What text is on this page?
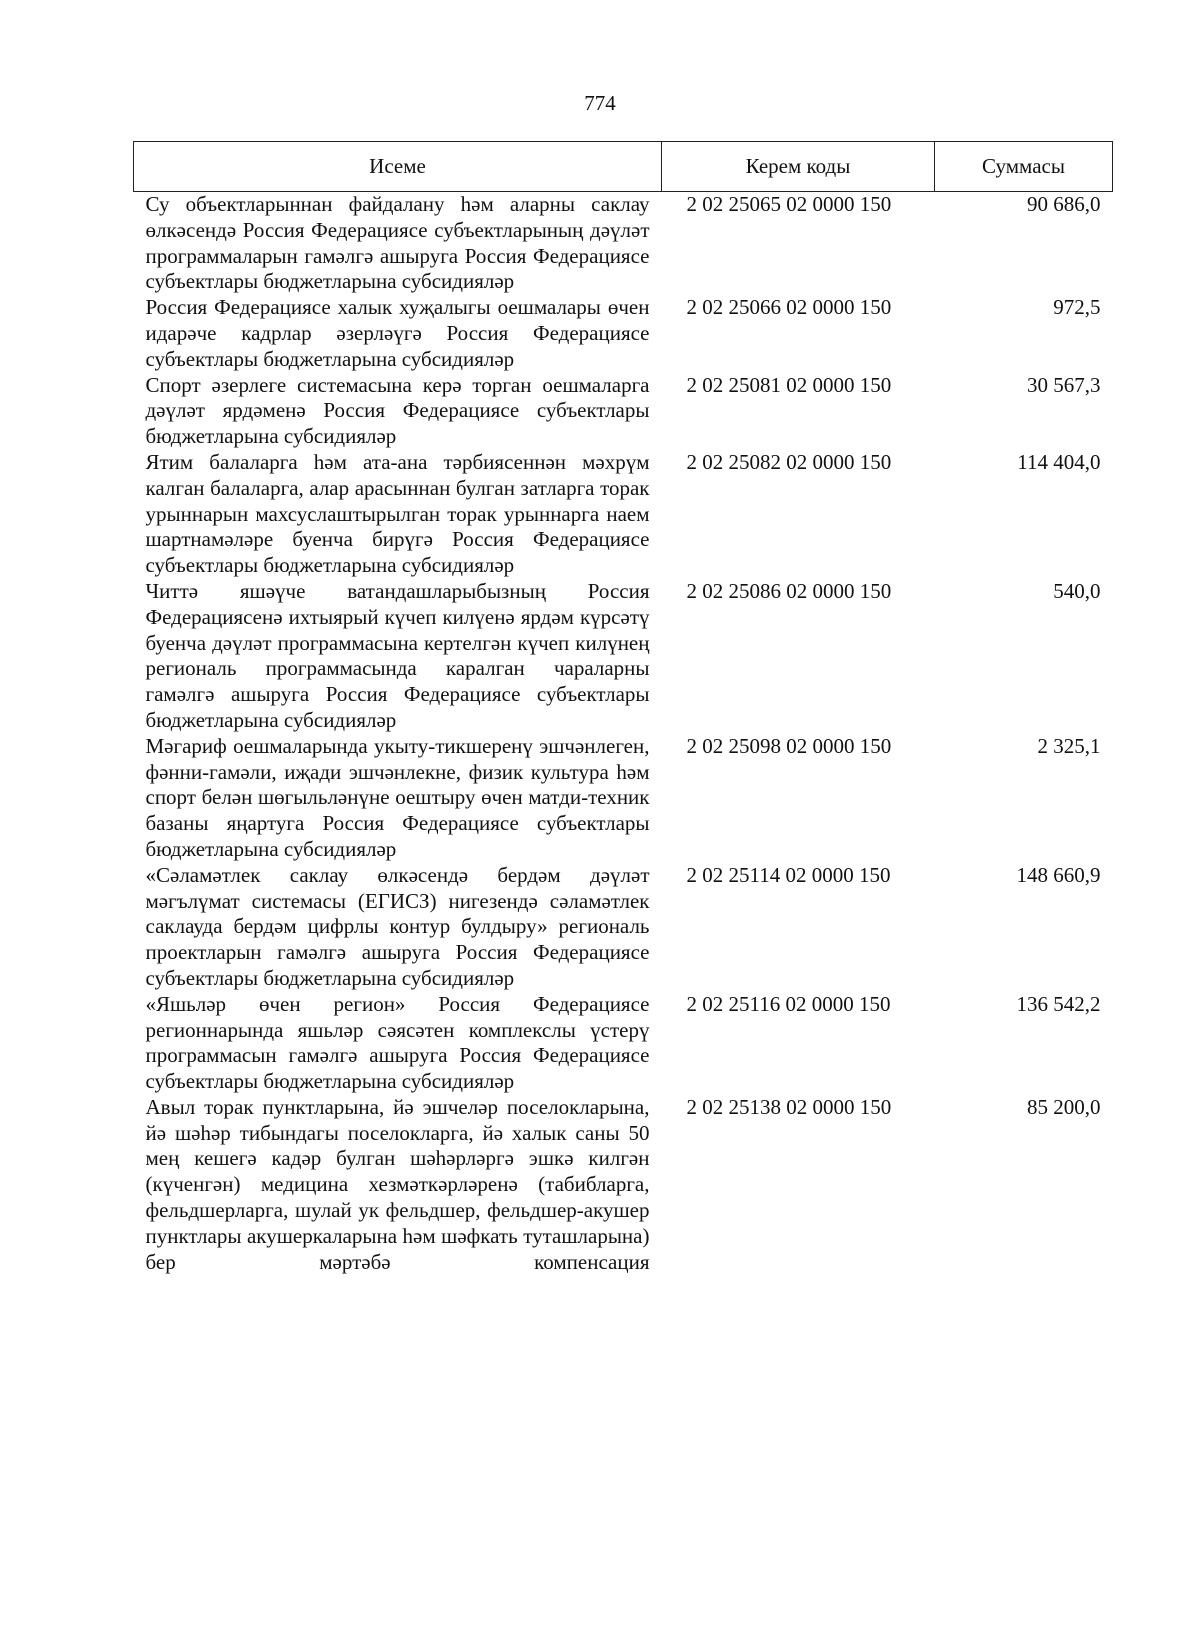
774
Исеме	Керем коды	Суммасы
Су объектларыннан файдалану һәм аларны саклау өлкәсендә Россия Федерациясе субъектларының дәүләт программаларын гамәлгә ашыруга Россия Федерациясе субъектлары бюджетларына субсидияләр	2 02 25065 02 0000 150	90 686,0
Россия Федерациясе халык хуҗалыгы оешмалары өчен идарәче кадрлар әзерләүгә Россия Федерациясе субъектлары бюджетларына субсидияләр	2 02 25066 02 0000 150	972,5
Спорт әзерлеге системасына керә торган оешмаларга дәүләт ярдәменә Россия Федерациясе субъектлары бюджетларына субсидияләр	2 02 25081 02 0000 150	30 567,3
Ятим балаларга һәм ата-ана тәрбиясеннән мәхрүм калган балаларга, алар арасыннан булган затларга торак урыннарын махсуслаштырылган торак урыннарга наем шартнамәләре буенча бирүгә Россия Федерациясе субъектлары бюджетларына субсидияләр	2 02 25082 02 0000 150	114 404,0
Читтә яшәүче ватандашларыбызның Россия Федерациясенә ихтыярый күчеп килүенә ярдәм күрсәтү буенча дәүләт программасына кертелгән күчеп килүнең региональ программасында каралган чараларны гамәлгә ашыруга Россия Федерациясе субъектлары бюджетларына субсидияләр	2 02 25086 02 0000 150	540,0
Мәгариф оешмаларында укыту-тикшеренү эшчәнлеген, фәнни-гамәли, иҗади эшчәнлекне, физик культура һәм спорт белән шөгыльләнүне оештыру өчен матди-техник базаны яңартуга Россия Федерациясе субъектлары бюджетларына субсидияләр	2 02 25098 02 0000 150	2 325,1
«Сәламәтлек саклау өлкәсендә бердәм дәүләт мәгълүмат системасы (ЕГИСЗ) нигезендә сәламәтлек саклауда бердәм цифрлы контур булдыру» региональ проектларын гамәлгә ашыруга Россия Федерациясе субъектлары бюджетларына субсидияләр	2 02 25114 02 0000 150	148 660,9
«Яшьләр өчен регион» Россия Федерациясе регионнарында яшьләр сәясәтен комплекслы үстерү программасын гамәлгә ашыруга Россия Федерациясе субъектлары бюджетларына субсидияләр	2 02 25116 02 0000 150	136 542,2
Авыл торак пунктларына, йә эшчеләр поселокларына, йә шәһәр тибындагы поселокларга, йә халык саны 50 мең кешегә кадәр булган шәһәрләргә эшкә килгән (күченгән) медицина хезмәткәрләренә (табибларга, фельдшерларга, шулай ук фельдшер, фельдшер-акушер пунктлары акушеркаларына һәм шәфкать туташларына) бер мәртәбә компенсация	2 02 25138 02 0000 150	85 200,0
